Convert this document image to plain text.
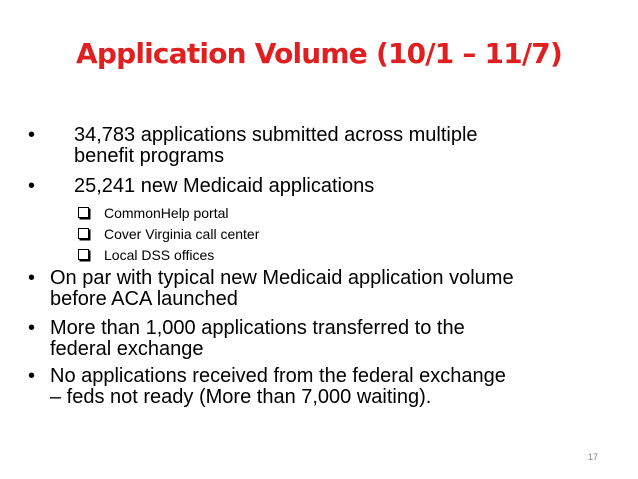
Application Volume (10/1 – 11/7)
• 34,783 applications submitted across multiple
benefit programs
• 25,241 new Medicaid applications
CommonHelp portal
Cover Virginia call center
Local DSS offices
• On par with typical new Medicaid application volume
before ACA launched
• More than 1,000 applications transferred to the
federal exchange
• No applications received from the federal exchange
– feds not ready (More than 7,000 waiting).
17
